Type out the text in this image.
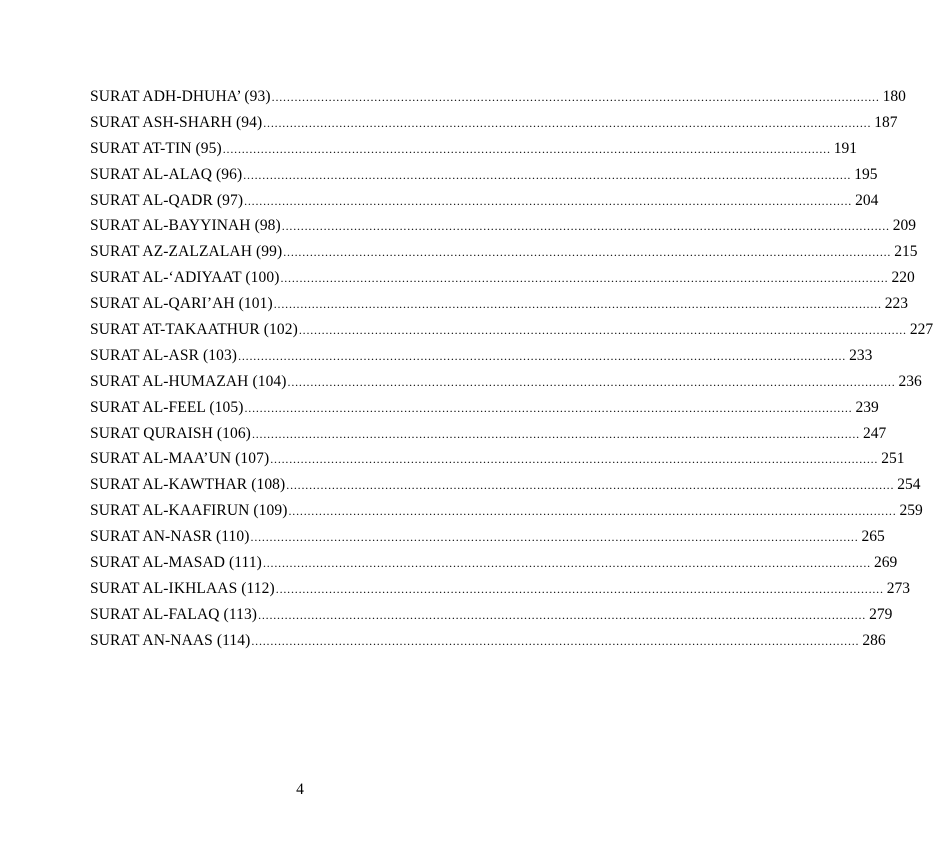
SURAT ADH-DHUHA’ (93) ................................................................................................................................................................ 180
SURAT ASH-SHARH (94) ................................................................................................................................................................ 187
SURAT AT-TIN (95) ................................................................................................................................................................ 191
SURAT AL-ALAQ (96) ................................................................................................................................................................ 195
SURAT AL-QADR (97) ................................................................................................................................................................ 204
SURAT AL-BAYYINAH (98) ................................................................................................................................................................ 209
SURAT AZ-ZALZALAH (99) ................................................................................................................................................................ 215
SURAT AL-‘ADIYAAT (100) ................................................................................................................................................................ 220
SURAT AL-QARI’AH (101) ................................................................................................................................................................ 223
SURAT AT-TAKAATHUR (102) ................................................................................................................................................................ 227
SURAT AL-ASR (103) ................................................................................................................................................................ 233
SURAT AL-HUMAZAH (104) ................................................................................................................................................................ 236
SURAT AL-FEEL (105) ................................................................................................................................................................ 239
SURAT QURAISH (106) ................................................................................................................................................................ 247
SURAT AL-MAA’UN (107) ................................................................................................................................................................ 251
SURAT AL-KAWTHAR (108) ................................................................................................................................................................ 254
SURAT AL-KAAFIRUN (109) ................................................................................................................................................................ 259
SURAT AN-NASR (110) ................................................................................................................................................................ 265
SURAT AL-MASAD (111) ................................................................................................................................................................ 269
SURAT AL-IKHLAAS (112) ................................................................................................................................................................ 273
SURAT AL-FALAQ (113) ................................................................................................................................................................ 279
SURAT AN-NAAS (114) ................................................................................................................................................................ 286
4
